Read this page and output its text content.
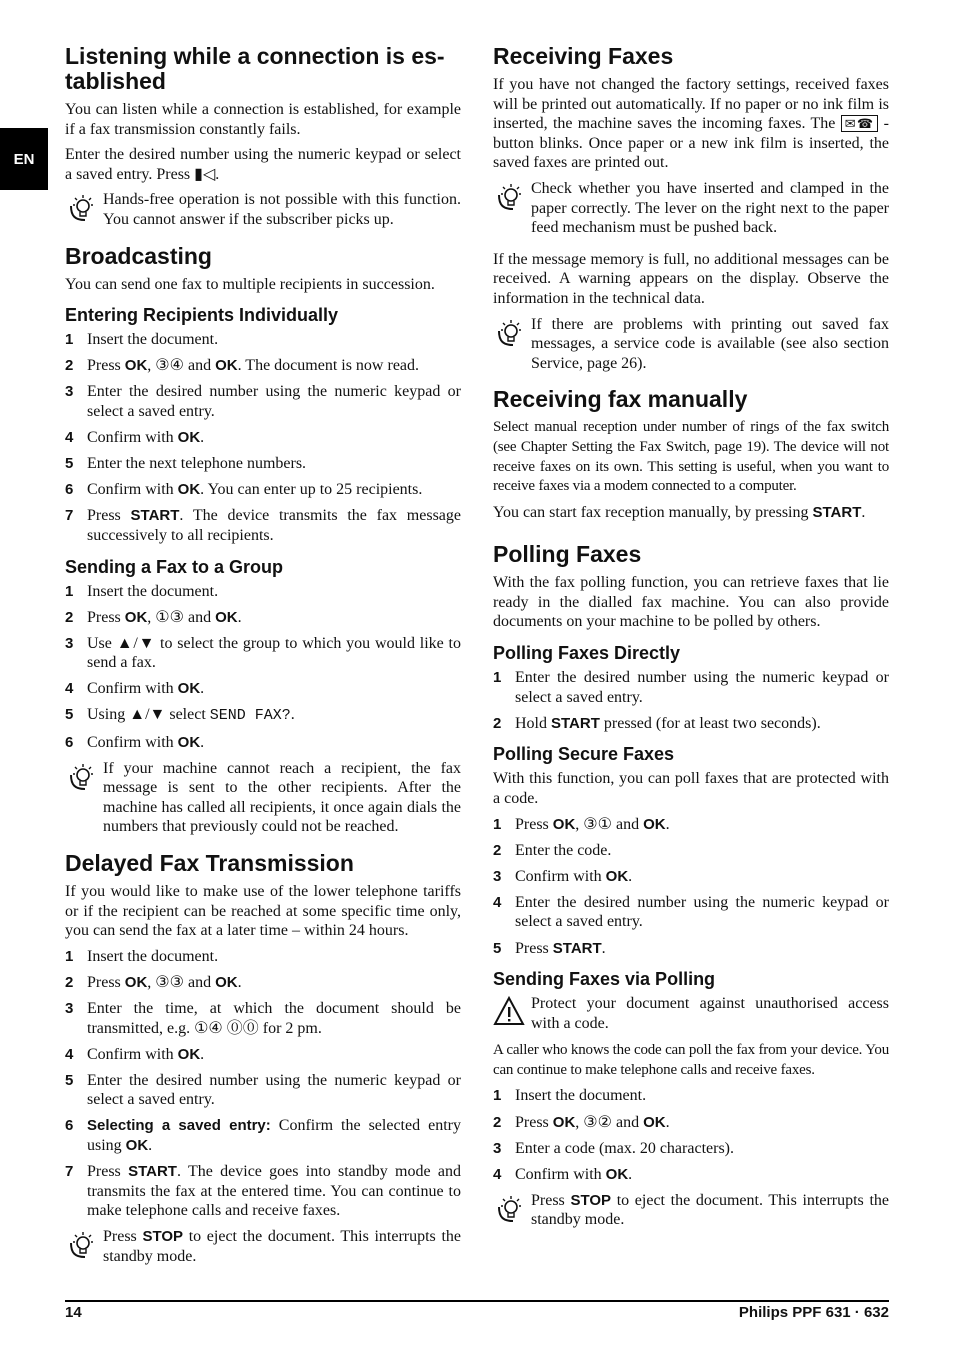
EN
Listening while a connection is es-
tablished

You can listen while a connection is established, for example if a fax transmission constantly fails.

Enter the desired number using the numeric keypad or select a saved entry. Press ▮◁.

Hands-free operation is not possible with this function. You cannot answer if the subscriber picks up.

Broadcasting

You can send one fax to multiple recipients in succession.

Entering Recipients Individually
1 Insert the document.
2 Press OK, ③④ and OK. The document is now read.
3 Enter the desired number using the numeric keypad or select a saved entry.
4 Confirm with OK.
5 Enter the next telephone numbers.
6 Confirm with OK. You can enter up to 25 recipients.
7 Press START. The device transmits the fax message successively to all recipients.
Sending a Fax to a Group
1 Insert the document.
2 Press OK, ①③ and OK.
3 Use ▲/▼ to select the group to which you would like to send a fax.
4 Confirm with OK.
5 Using ▲/▼ select SEND FAX?.
6 Confirm with OK.

If your machine cannot reach a recipient, the fax message is sent to the other recipients. After the machine has called all recipients, it once again dials the numbers that previously could not be reached.

Delayed Fax Transmission

If you would like to make use of the lower telephone tariffs or if the recipient can be reached at some specific time only, you can send the fax at a later time – within 24 hours.

1 Insert the document.
2 Press OK, ③③ and OK.
3 Enter the time, at which the document should be transmitted, e.g. ①④ ⓪⓪ for 2 pm.
4 Confirm with OK.
5 Enter the desired number using the numeric keypad or select a saved entry.
6 Selecting a saved entry: Confirm the selected entry using OK.
7 Press START. The device goes into standby mode and transmits the fax at the entered time. You can continue to make telephone calls and receive faxes.

Press STOP to eject the document. This interrupts the standby mode.

Receiving Faxes

If you have not changed the factory settings, received faxes will be printed out automatically. If no paper or no ink film is inserted, the machine saves the incoming faxes. The ✉☎ - button blinks. Once paper or a new ink film is inserted, the saved faxes are printed out.

Check whether you have inserted and clamped in the paper correctly. The lever on the right next to the paper feed mechanism must be pushed back.

If the message memory is full, no additional messages can be received. A warning appears on the display. Observe the information in the technical data.

If there are problems with printing out saved fax messages, a service code is available (see also section Service, page 26).

Receiving fax manually

Select manual reception under number of rings of the fax switch (see Chapter Setting the Fax Switch, page 19). The device will not receive faxes on its own. This setting is useful, when you want to receive faxes via a modem connected to a computer.

You can start fax reception manually, by pressing START.

Polling Faxes

With the fax polling function, you can retrieve faxes that lie ready in the dialled fax machine. You can also provide documents on your machine to be polled by others.

Polling Faxes Directly
1 Enter the desired number using the numeric keypad or select a saved entry.
2 Hold START pressed (for at least two seconds).
Polling Secure Faxes

With this function, you can poll faxes that are protected with a code.

1 Press OK, ③① and OK.
2 Enter the code.
3 Confirm with OK.
4 Enter the desired number using the numeric keypad or select a saved entry.
5 Press START.
Sending Faxes via Polling

Protect your document against unauthorised access with a code.

A caller who knows the code can poll the fax from your device. You can continue to make telephone calls and receive faxes.

1 Insert the document.
2 Press OK, ③② and OK.
3 Enter a code (max. 20 characters).
4 Confirm with OK.

Press STOP to eject the document. This interrupts the standby mode.

14	Philips PPF 631 · 632
